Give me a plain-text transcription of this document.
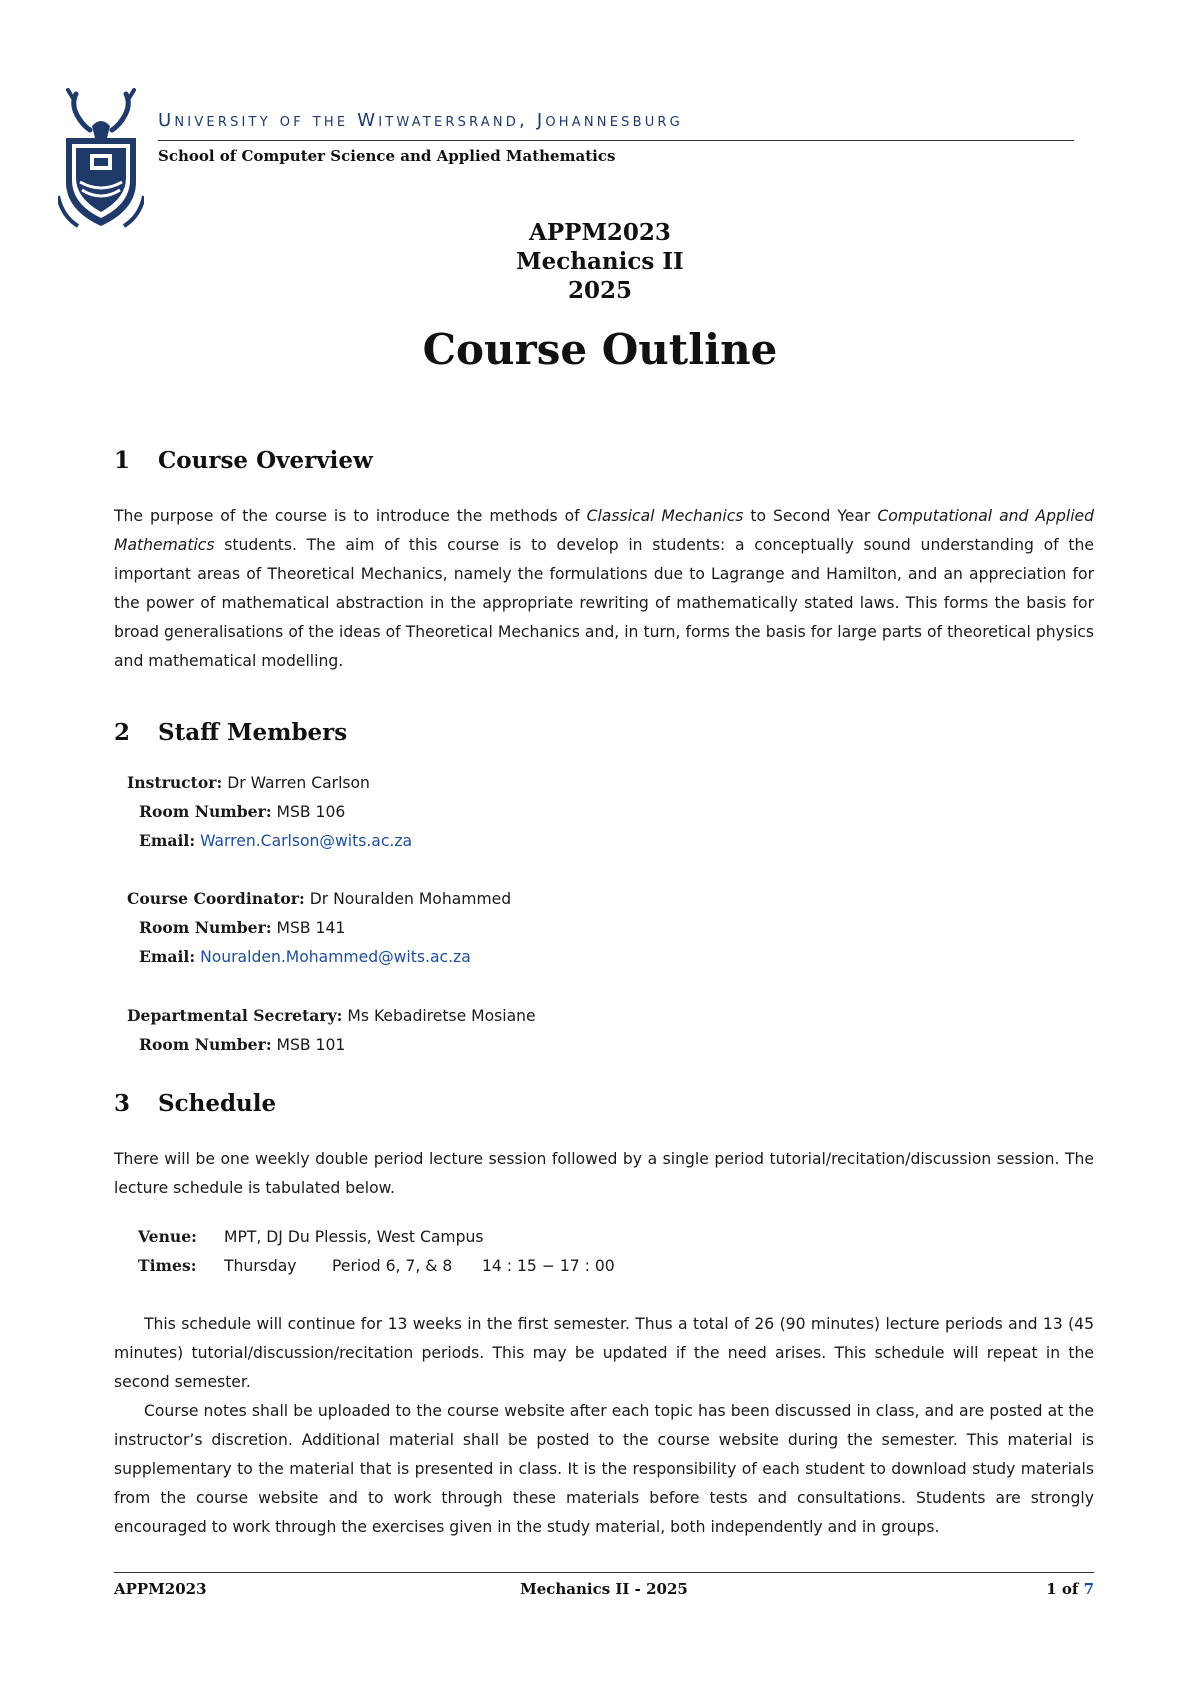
University of the Witwatersrand, Johannesburg
School of Computer Science and Applied Mathematics
APPM2023
Mechanics II
2025
Course Outline
1 Course Overview
The purpose of the course is to introduce the methods of Classical Mechanics to Second Year Computational and Applied Mathematics students. The aim of this course is to develop in students: a conceptually sound understanding of the important areas of Theoretical Mechanics, namely the formulations due to Lagrange and Hamilton, and an appreciation for the power of mathematical abstraction in the appropriate rewriting of mathematically stated laws. This forms the basis for broad generalisations of the ideas of Theoretical Mechanics and, in turn, forms the basis for large parts of theoretical physics and mathematical modelling.
2 Staff Members
Instructor: Dr Warren Carlson
Room Number: MSB 106
Email: Warren.Carlson@wits.ac.za
Course Coordinator: Dr Nouralden Mohammed
Room Number: MSB 141
Email: Nouralden.Mohammed@wits.ac.za
Departmental Secretary: Ms Kebadiretse Mosiane
Room Number: MSB 101
3 Schedule
There will be one weekly double period lecture session followed by a single period tutorial/recitation/discussion session. The lecture schedule is tabulated below.
Venue: MPT, DJ Du Plessis, West Campus
Times: Thursday Period 6, 7, & 8 14 : 15 − 17 : 00
This schedule will continue for 13 weeks in the first semester. Thus a total of 26 (90 minutes) lecture periods and 13 (45 minutes) tutorial/discussion/recitation periods. This may be updated if the need arises. This schedule will repeat in the second semester.
Course notes shall be uploaded to the course website after each topic has been discussed in class, and are posted at the instructor’s discretion. Additional material shall be posted to the course website during the semester. This material is supplementary to the material that is presented in class. It is the responsibility of each student to download study materials from the course website and to work through these materials before tests and consultations. Students are strongly encouraged to work through the exercises given in the study material, both independently and in groups.
APPM2023	Mechanics II - 2025	1 of 7
